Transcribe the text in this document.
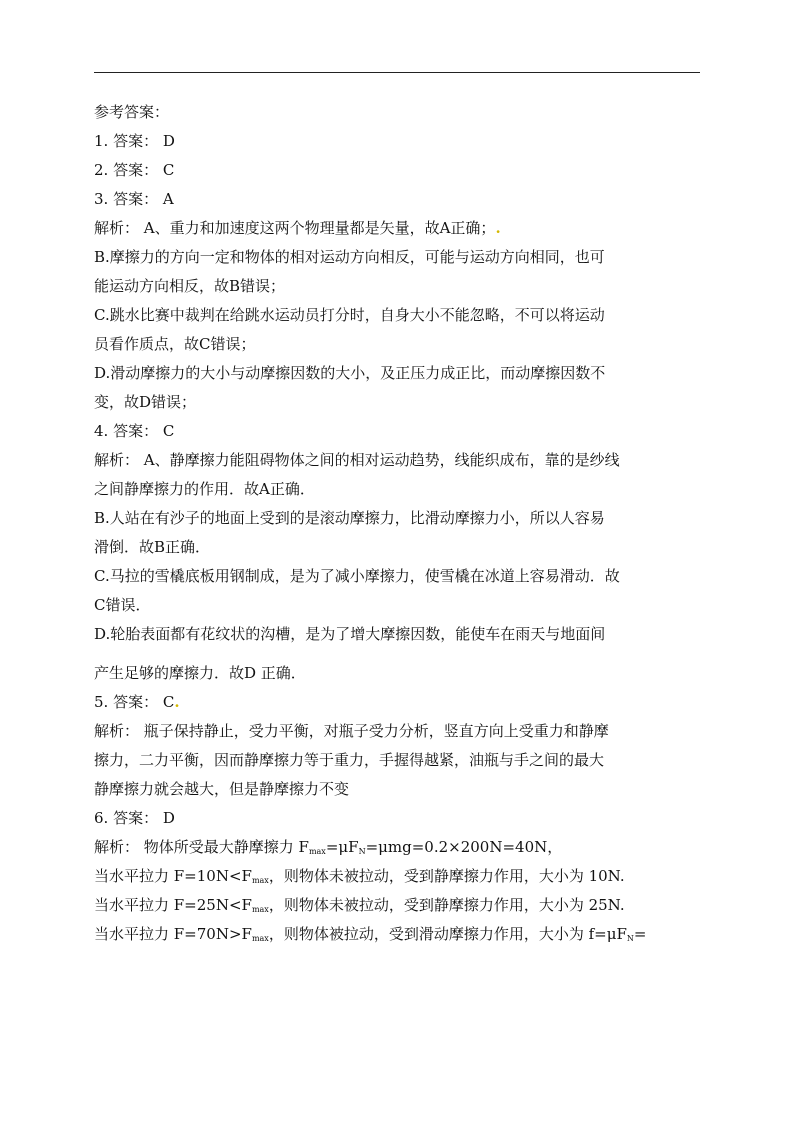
参考答案：
1. 答案： D
2. 答案： C
3. 答案： A
解析： A、重力和加速度这两个物理量都是矢量，故A正确；.
B.摩擦力的方向一定和物体的相对运动方向相反，可能与运动方向相同，也可
能运动方向相反，故B错误；
C.跳水比赛中裁判在给跳水运动员打分时，自身大小不能忽略，不可以将运动
员看作质点，故C错误；
D.滑动摩擦力的大小与动摩擦因数的大小，及正压力成正比，而动摩擦因数不
变，故D错误；
4. 答案： C
解析： A、静摩擦力能阻碍物体之间的相对运动趋势，线能织成布，靠的是纱线
之间静摩擦力的作用．故A正确．
B.人站在有沙子的地面上受到的是滚动摩擦力，比滑动摩擦力小，所以人容易
滑倒．故B正确．
C.马拉的雪橇底板用钢制成，是为了减小摩擦力，使雪橇在冰道上容易滑动．故
C错误．
D.轮胎表面都有花纹状的沟槽，是为了增大摩擦因数，能使车在雨天与地面间
产生足够的摩擦力．故D 正确．
5. 答案： C.
解析： 瓶子保持静止，受力平衡，对瓶子受力分析，竖直方向上受重力和静摩
擦力，二力平衡，因而静摩擦力等于重力，手握得越紧，油瓶与手之间的最大
静摩擦力就会越大，但是静摩擦力不变
6. 答案： D
解析： 物体所受最大静摩擦力 $F_{max}=\mu F_N=\mu mg=0.2\times 200N=40N$，
当水平拉力 $F=10N<F_{max}$，则物体未被拉动，受到静摩擦力作用，大小为 10N.
当水平拉力 $F=25N<F_{max}$，则物体未被拉动，受到静摩擦力作用，大小为 25N.
当水平拉力 $F=70N>F_{max}$，则物体被拉动，受到滑动摩擦力作用，大小为 $f=\mu F_N=$
